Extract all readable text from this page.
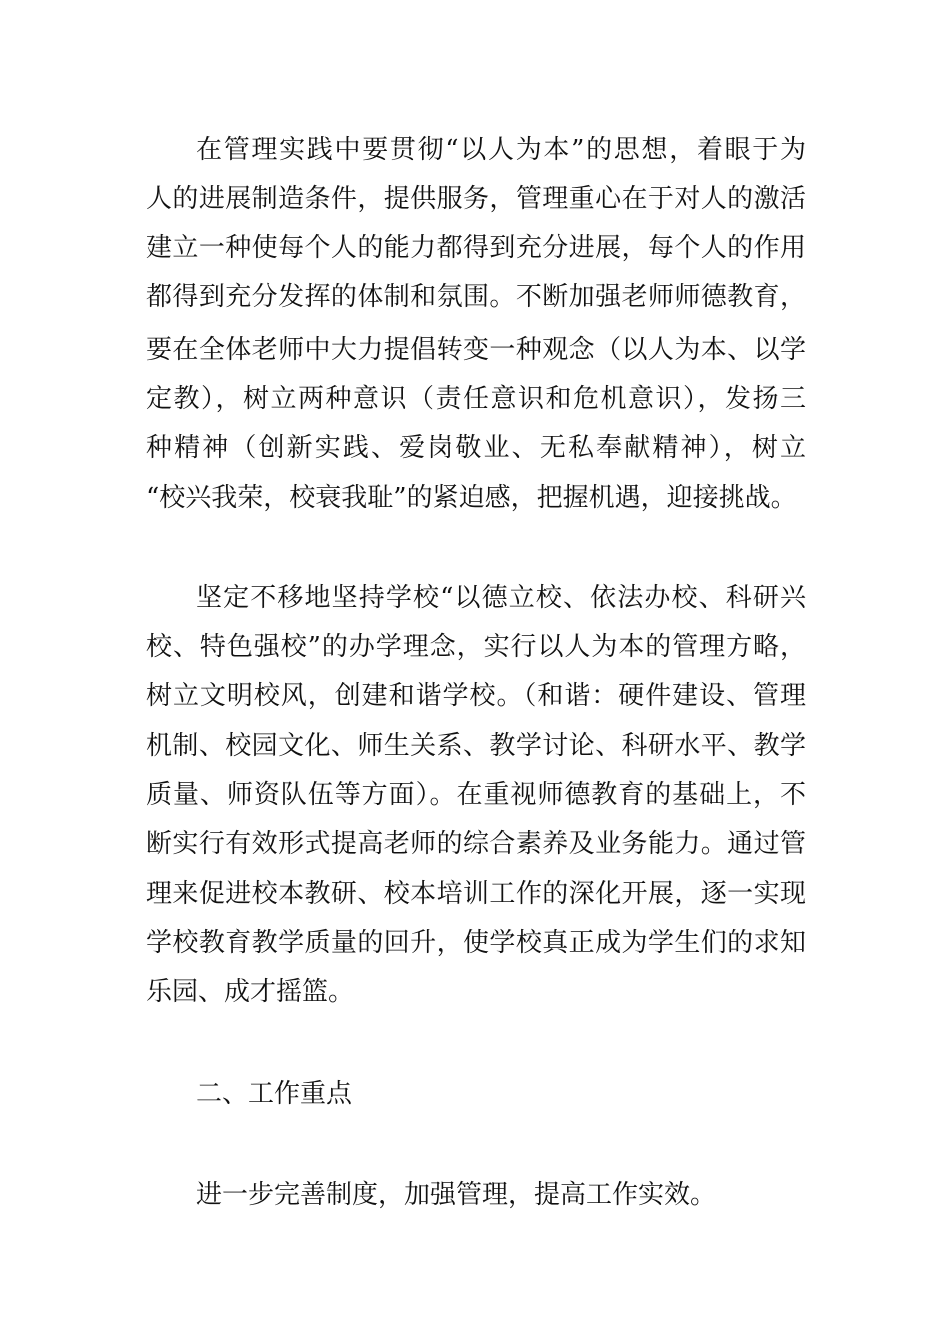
在管理实践中要贯彻“以人为本”的思想，着眼于为
人的进展制造条件，提供服务，管理重心在于对人的激活
建立一种使每个人的能力都得到充分进展，每个人的作用
都得到充分发挥的体制和氛围。不断加强老师师德教育，
要在全体老师中大力提倡转变一种观念（以人为本、以学
定教），树立两种意识（责任意识和危机意识），发扬三
种精神（创新实践、爱岗敬业、无私奉献精神），树立
“校兴我荣，校衰我耻”的紧迫感，把握机遇，迎接挑战。
坚定不移地坚持学校“以德立校、依法办校、科研兴
校、特色强校”的办学理念，实行以人为本的管理方略，
树立文明校风，创建和谐学校。（和谐：硬件建设、管理
机制、校园文化、师生关系、教学讨论、科研水平、教学
质量、师资队伍等方面）。在重视师德教育的基础上，不
断实行有效形式提高老师的综合素养及业务能力。通过管
理来促进校本教研、校本培训工作的深化开展，逐一实现
学校教育教学质量的回升，使学校真正成为学生们的求知
乐园、成才摇篮。
二、工作重点
进一步完善制度，加强管理，提高工作实效。
